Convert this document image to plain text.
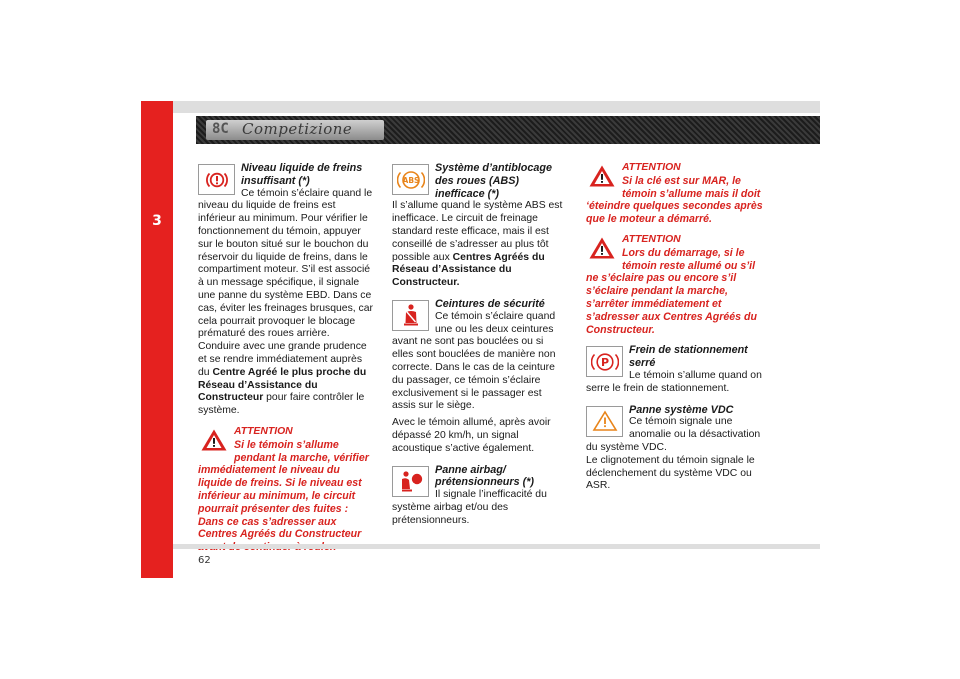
3
8C Competizione

Niveau liquide de freins insuffisant (*)

Ce témoin s’éclaire quand le niveau du liquide de freins est inférieur au minimum. Pour vérifier le fonctionnement du témoin, appuyer sur le bouton situé sur le bouchon du réservoir du liquide de freins, dans le compartiment moteur. S’il est associé à un message spécifique, il signale une panne du système EBD. Dans ce cas, éviter les freinages brusques, car cela pourrait provoquer le blocage prématuré des roues arrière. Conduire avec une grande prudence et se rendre immédiatement auprès du Centre Agréé le plus proche du Réseau d’Assistance du Constructeur pour faire contrôler le système.

ATTENTION

Si le témoin s’allume pendant la marche, vérifier immédiatement le niveau du liquide de freins. Si le niveau est inférieur au minimum, le circuit pourrait présenter des fuites : Dans ce cas s’adresser aux Centres Agréés du Constructeur

ABS

Système d’antiblocage des roues (ABS) inefficace (*)

Il s’allume quand le système ABS est inefficace. Le circuit de freinage standard reste efficace, mais il est conseillé de s’adresser au plus tôt possible aux Centres Agréés du Réseau d’Assistance du Constructeur.

Ceintures de sécurité

Ce témoin s’éclaire quand une ou les deux ceintures avant ne sont pas bouclées ou si elles sont bouclées de manière non correcte. Dans le cas de la ceinture du passager, ce témoin s’éclaire exclusivement si le passager est assis sur le siège.

Avec le témoin allumé, après avoir dépassé 20 km/h, un signal acoustique s’active également.

Panne airbag/ prétensionneurs (*)

Il signale l’inefficacité du système airbag et/ou des prétensionneurs.

ATTENTION

Si la clé est sur MAR, le témoin s’allume mais il doit ‘éteindre quelques secondes après que le moteur a démarré.

ATTENTION

Lors du démarrage, si le témoin reste allumé ou s’il ne s’éclaire pas ou encore s’il s’éclaire pendant la marche, s’arrêter immédiatement et s’adresser aux Centres Agréés du Constructeur.

P

Frein de stationnement serré

Le témoin s’allume quand on serre le frein de stationnement.

Panne système VDC

Ce témoin signale une anomalie ou la désactivation du système VDC.

Le clignotement du témoin signale le déclenchement du système VDC ou ASR.

62
